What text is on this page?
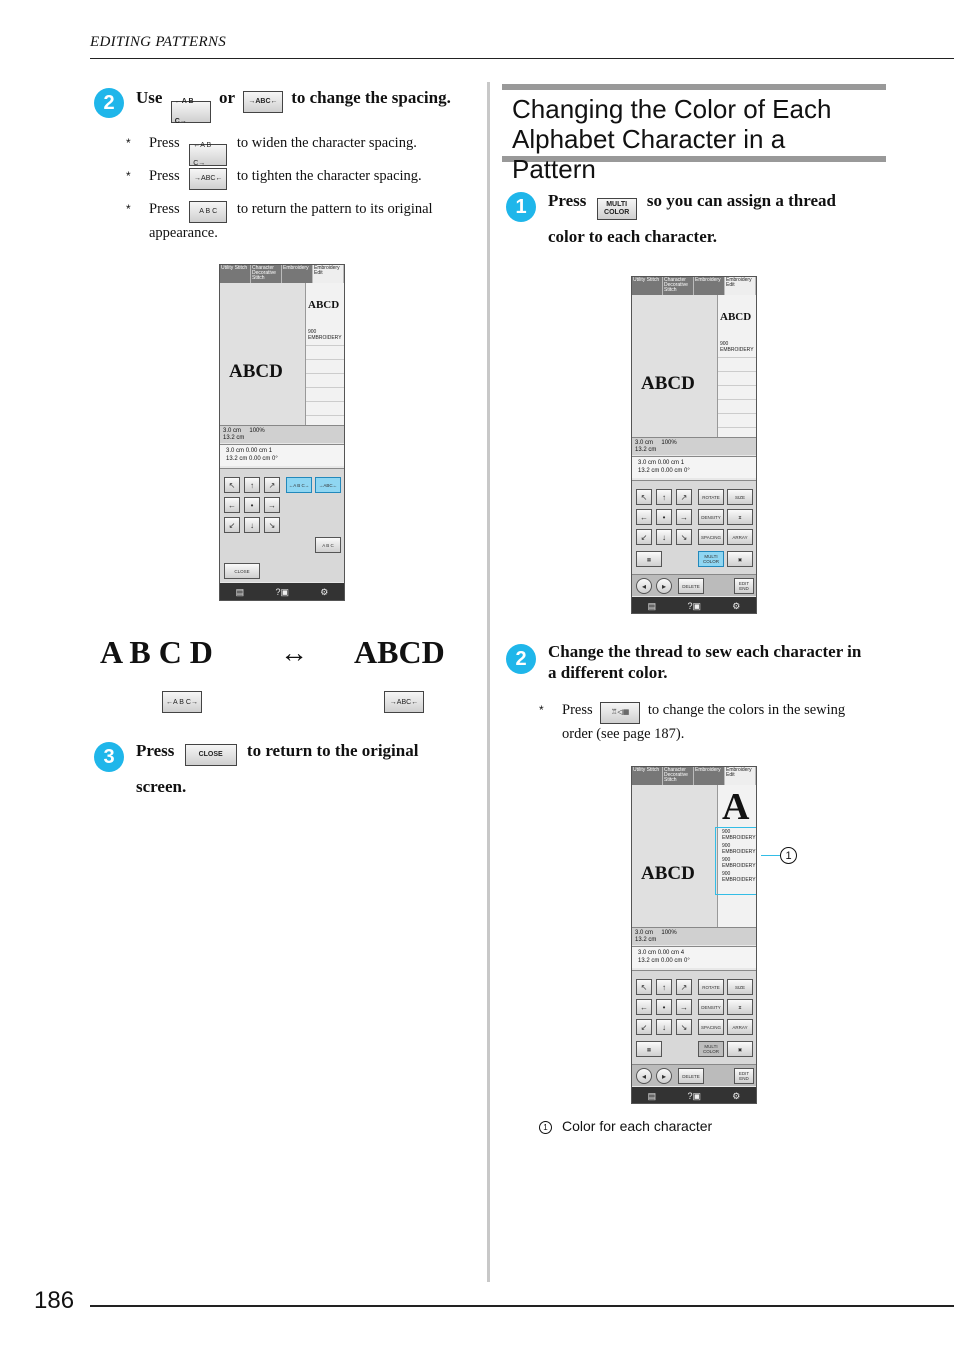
EDITING PATTERNS
186
2	Use ←A B C→ or →ABC← to change the spacing.
* Press ←A B C→ to widen the character spacing.
* Press →ABC← to tighten the character spacing.
* Press	A B C to return the pattern to its original
appearance.
Utility Stitch Character Decorative Stitch
Embroidery	Embroidery Edit
ABCD
ABCD
900
EMBROIDERY
3.0 cm 100%
13.2 cm
3.0 cm 0.00 cm 1
13.2 cm 0.00 cm 0°
↖	↑	↗
←	•	→
↙	↓	↘
←A B C→	→ABC←
A B C
CLOSE
▤	?▣	⚙
A B C D ↔ ABCD
←A B C→	→ABC←
3	Press	CLOSE to return to the original
screen.
Changing the Color of Each
Alphabet Character in a Pattern
1	Press	MULTI
COLOR
so you can assign a thread
color to each character.
Utility Stitch Character Decorative Stitch
Embroidery	Embroidery Edit
ABCD
ABCD
900
EMBROIDERY
3.0 cm 100%
13.2 cm
3.0 cm 0.00 cm 1
13.2 cm 0.00 cm 0°
↖	↑	↗
←	•	→
↙	↓	↘
ROTATE	SIZE
DENSITY	⧖
SPACING	ARRAY
▦	MULTI COLOR	▣
◂	▸	DELETE	EDIT END
▤	?▣	⚙
2	Change the thread to sew each character in
a different color.
* Press	♖◁▦ to change the colors in the sewing
order (see page 187).
Utility Stitch Character Decorative Stitch
Embroidery	Embroidery Edit
ABCD
A
900
EMBROIDERY
900
EMBROIDERY
900
EMBROIDERY
900
EMBROIDERY
3.0 cm 100%
13.2 cm
3.0 cm 0.00 cm 4
13.2 cm 0.00 cm 0°
↖	↑	↗
←	•	→
↙	↓	↘
ROTATE	SIZE
DENSITY	⧖
SPACING	ARRAY
▦	MULTI COLOR	▣
◂	▸	DELETE	EDIT END
▤	?▣	⚙
1
1	Color for each character
